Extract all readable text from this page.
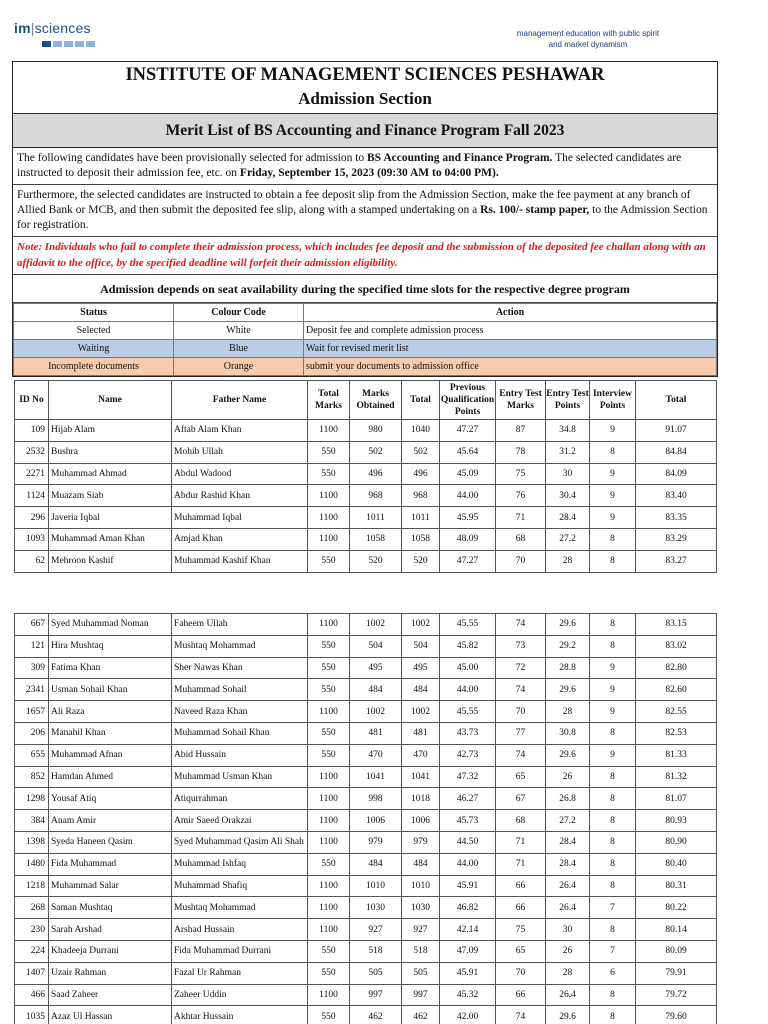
im|sciences	management education with public spirit
and market dynamism
INSTITUTE OF MANAGEMENT SCIENCES PESHAWAR
Admission Section
Merit List of BS Accounting and Finance Program Fall 2023
The following candidates have been provisionally selected for admission to BS Accounting and Finance Program. The selected candidates are instructed to deposit their admission fee, etc. on Friday, September 15, 2023 (09:30 AM to 04:00 PM).
Furthermore, the selected candidates are instructed to obtain a fee deposit slip from the Admission Section, make the fee payment at any branch of Allied Bank or MCB, and then submit the deposited fee slip, along with a stamped undertaking on a Rs. 100/- stamp paper, to the Admission Section for registration.
Note: Individuals who fail to complete their admission process, which includes fee deposit and the submission of the deposited fee challan along with an affidavit to the office, by the specified deadline will forfeit their admission eligibility.
Admission depends on seat availability during the specified time slots for the respective degree program
Status	Colour Code	Action
Selected	White	Deposit fee and complete admission process
Waiting	Blue	Wait for revised merit list
Incomplete documents	Orange	submit your documents to admission office
ID No	Name	Father Name	Total Marks	Marks Obtained	Total	Previous Qualification Points	Entry Test Marks	Entry Test Points	Interview Points	Total
109	Hijab Alam	Aftab Alam Khan	1100	980	1040	47.27	87	34.8	9	91.07
2532	Bushra	Mohib Ullah	550	502	502	45.64	78	31.2	8	84.84
2271	Muhammad Ahmad	Abdul Wadood	550	496	496	45.09	75	30	9	84.09
1124	Muazam Siab	Abdur Rashid Khan	1100	968	968	44.00	76	30.4	9	83.40
296	Javeria Iqbal	Muhammad Iqbal	1100	1011	1011	45.95	71	28.4	9	83.35
1093	Muhammad Aman Khan	Amjad Khan	1100	1058	1058	48.09	68	27.2	8	83.29
62	Mehroon Kashif	Muhammad Kashif Khan	550	520	520	47.27	70	28	8	83.27
667	Syed Muhammad Noman	Faheem Ullah	1100	1002	1002	45.55	74	29.6	8	83.15
121	Hira Mushtaq	Mushtaq Mohammad	550	504	504	45.82	73	29.2	8	83.02
309	Fatima Khan	Sher Nawas Khan	550	495	495	45.00	72	28.8	9	82.80
2341	Usman Sohail Khan	Muhammad Sohail	550	484	484	44.00	74	29.6	9	82.60
1657	Ali Raza	Naveed Raza Khan	1100	1002	1002	45.55	70	28	9	82.55
206	Manahil Khan	Muhammad Sohail Khan	550	481	481	43.73	77	30.8	8	82.53
655	Muhammad Afnan	Abid Hussain	550	470	470	42.73	74	29.6	9	81.33
852	Hamdan Ahmed	Muhammad Usman Khan	1100	1041	1041	47.32	65	26	8	81.32
1298	Yousaf Atiq	Atiqurrahman	1100	998	1018	46.27	67	26.8	8	81.07
384	Anam Amir	Amir Saeed Orakzai	1100	1006	1006	45.73	68	27.2	8	80.93
1398	Syeda Haneen Qasim	Syed Muhammad Qasim Ali Shah	1100	979	979	44.50	71	28.4	8	80.90
1480	Fida Muhammad	Muhammad Ishfaq	550	484	484	44.00	71	28.4	8	80.40
1218	Muhammad Salar	Muhammad Shafiq	1100	1010	1010	45.91	66	26.4	8	80.31
268	Saman Mushtaq	Mushtaq Mohammad	1100	1030	1030	46.82	66	26.4	7	80.22
230	Sarah Arshad	Arshad Hussain	1100	927	927	42.14	75	30	8	80.14
224	Khadeeja Durrani	Fida Muhammad Durrani	550	518	518	47.09	65	26	7	80.09
1407	Uzair Rahman	Fazal Ur Rahman	550	505	505	45.91	70	28	6	79.91
466	Saad Zaheer	Zaheer Uddin	1100	997	997	45.32	66	26.4	8	79.72
1035	Azaz Ul Hassan	Akhtar Hussain	550	462	462	42.00	74	29.6	8	79.60
